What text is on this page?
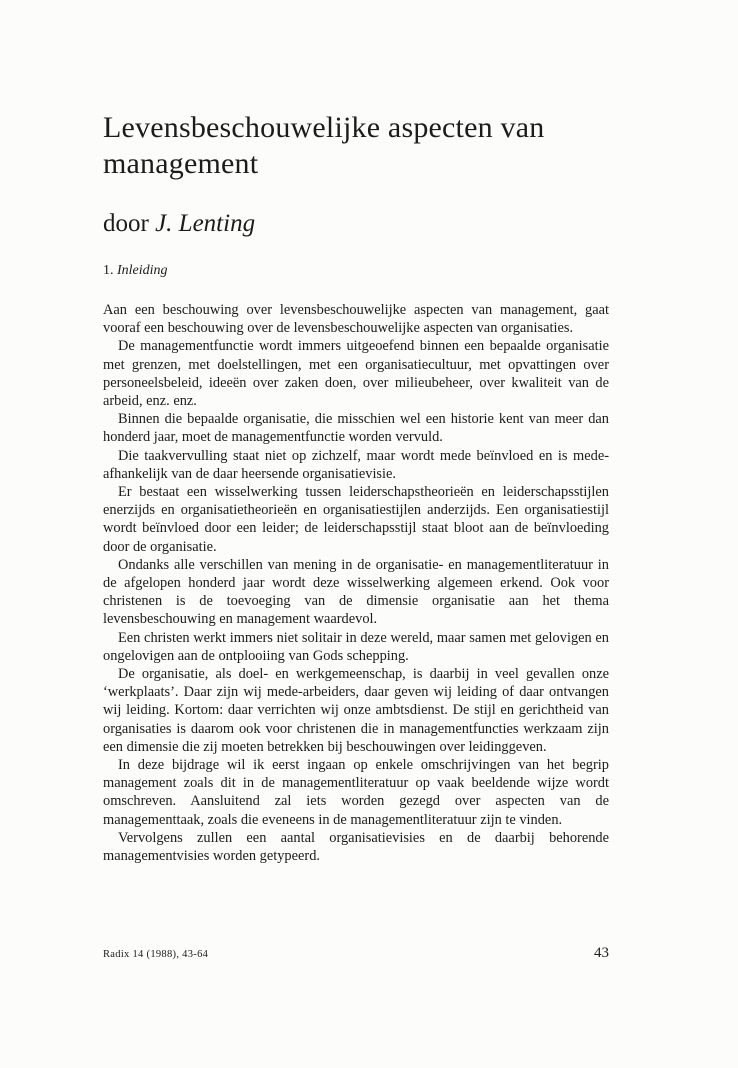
Levensbeschouwelijke aspecten van management
door J. Lenting
1. Inleiding

Aan een beschouwing over levensbeschouwelijke aspecten van management, gaat vooraf een beschouwing over de levensbeschouwelijke aspecten van organisaties.

De managementfunctie wordt immers uitgeoefend binnen een bepaalde organisatie met grenzen, met doelstellingen, met een organisatiecultuur, met opvattingen over personeelsbeleid, ideeën over zaken doen, over milieubeheer, over kwaliteit van de arbeid, enz. enz.

Binnen die bepaalde organisatie, die misschien wel een historie kent van meer dan honderd jaar, moet de managementfunctie worden vervuld.

Die taakvervulling staat niet op zichzelf, maar wordt mede beïnvloed en is mede-afhankelijk van de daar heersende organisatievisie.

Er bestaat een wisselwerking tussen leiderschapstheorieën en leiderschapsstijlen enerzijds en organisatietheorieën en organisatiestijlen anderzijds. Een organisatiestijl wordt beïnvloed door een leider; de leiderschapsstijl staat bloot aan de beïnvloeding door de organisatie.

Ondanks alle verschillen van mening in de organisatie- en managementliteratuur in de afgelopen honderd jaar wordt deze wisselwerking algemeen erkend. Ook voor christenen is de toevoeging van de dimensie organisatie aan het thema levensbeschouwing en management waardevol.

Een christen werkt immers niet solitair in deze wereld, maar samen met gelovigen en ongelovigen aan de ontplooiing van Gods schepping.

De organisatie, als doel- en werkgemeenschap, is daarbij in veel gevallen onze ‘werkplaats’. Daar zijn wij mede-arbeiders, daar geven wij leiding of daar ontvangen wij leiding. Kortom: daar verrichten wij onze ambtsdienst. De stijl en gerichtheid van organisaties is daarom ook voor christenen die in managementfuncties werkzaam zijn een dimensie die zij moeten betrekken bij beschouwingen over leidinggeven.

In deze bijdrage wil ik eerst ingaan op enkele omschrijvingen van het begrip management zoals dit in de managementliteratuur op vaak beeldende wijze wordt omschreven. Aansluitend zal iets worden gezegd over aspecten van de managementtaak, zoals die eveneens in de managementliteratuur zijn te vinden.

Vervolgens zullen een aantal organisatievisies en de daarbij behorende managementvisies worden getypeerd.

Radix 14 (1988), 43-64	43
